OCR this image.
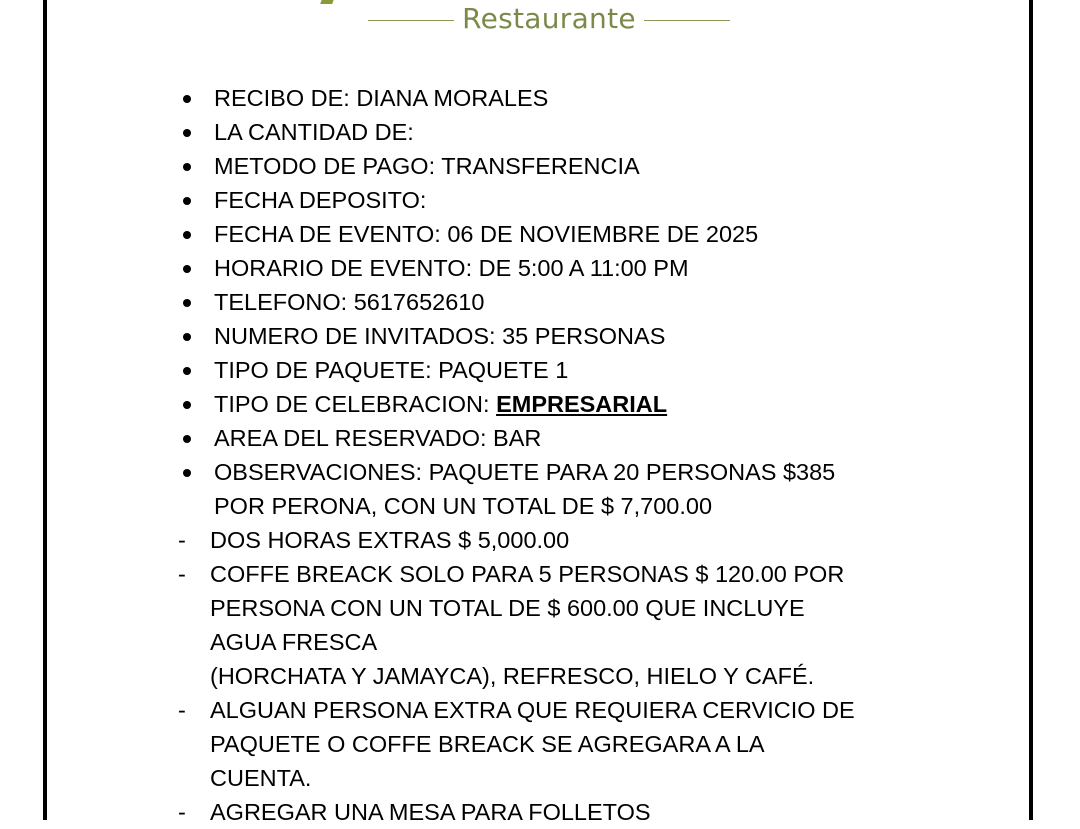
Restaurante
RECIBO DE: DIANA MORALES
LA CANTIDAD DE:
METODO DE PAGO: TRANSFERENCIA
FECHA DEPOSITO:
FECHA DE EVENTO: 06 DE NOVIEMBRE DE 2025
HORARIO DE EVENTO: DE 5:00 A 11:00 PM
TELEFONO: 5617652610
NUMERO DE INVITADOS: 35 PERSONAS
TIPO DE PAQUETE: PAQUETE 1
TIPO DE CELEBRACION: EMPRESARIAL
AREA DEL RESERVADO: BAR
OBSERVACIONES: PAQUETE PARA 20 PERSONAS $385
POR PERONA, CON UN TOTAL DE $ 7,700.00
- DOS HORAS EXTRAS $ 5,000.00
- COFFE BREACK SOLO PARA 5 PERSONAS $ 120.00 POR
PERSONA CON UN TOTAL DE $ 600.00 QUE INCLUYE
AGUA FRESCA
(HORCHATA Y JAMAYCA), REFRESCO, HIELO Y CAFÉ.
- ALGUAN PERSONA EXTRA QUE REQUIERA CERVICIO DE
PAQUETE O COFFE BREACK SE AGREGARA A LA
CUENTA.
- AGREGAR UNA MESA PARA FOLLETOS
